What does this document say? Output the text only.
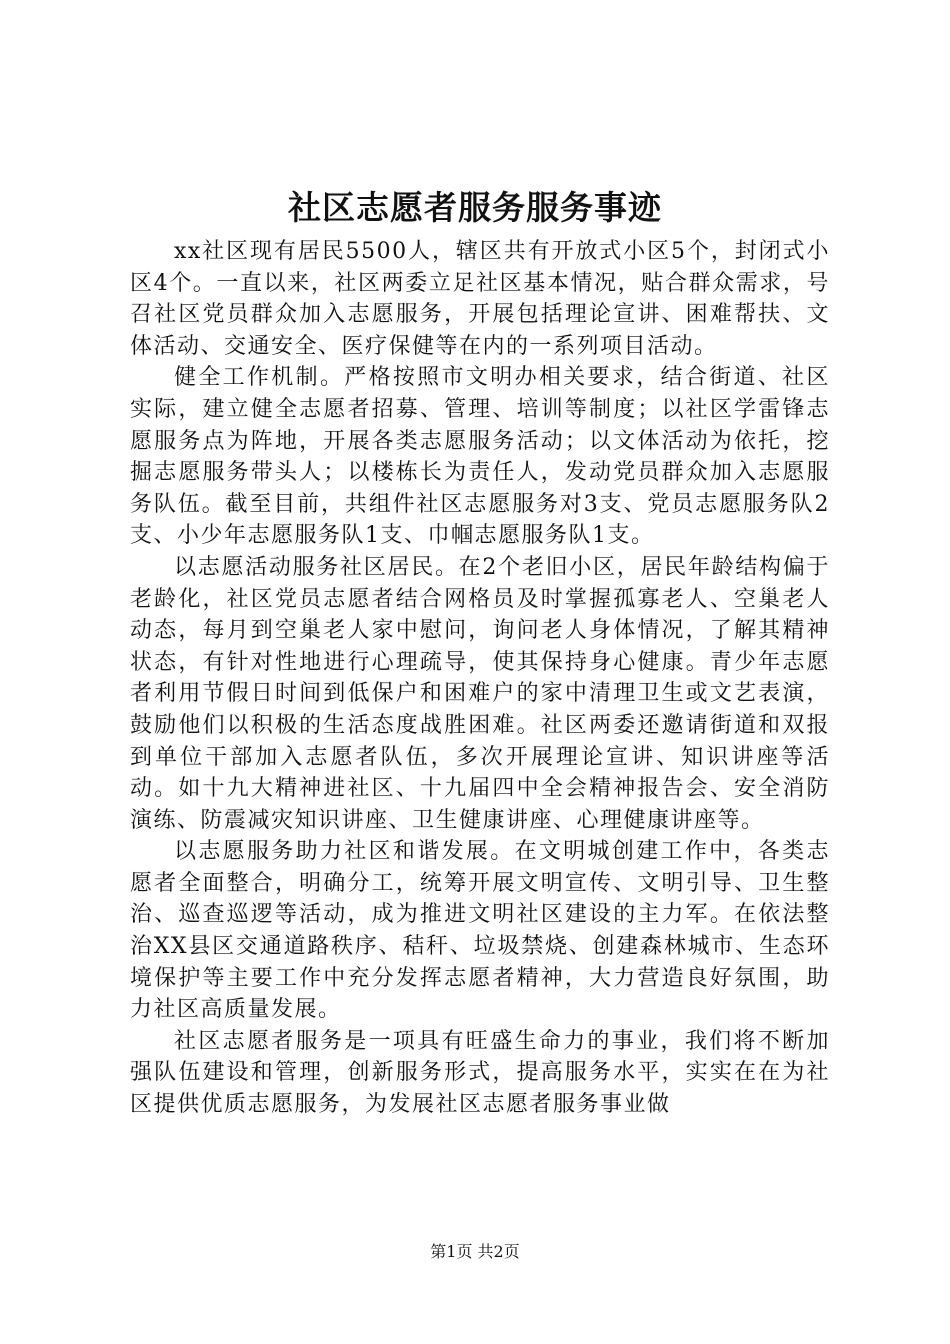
社区志愿者服务服务事迹

xx社区现有居民5500人，辖区共有开放式小区5个，封闭式小区4个。一直以来，社区两委立足社区基本情况，贴合群众需求，号召社区党员群众加入志愿服务，开展包括理论宣讲、困难帮扶、文体活动、交通安全、医疗保健等在内的一系列项目活动。

健全工作机制。严格按照市文明办相关要求，结合街道、社区实际，建立健全志愿者招募、管理、培训等制度；以社区学雷锋志愿服务点为阵地，开展各类志愿服务活动；以文体活动为依托，挖掘志愿服务带头人；以楼栋长为责任人，发动党员群众加入志愿服务队伍。截至目前，共组件社区志愿服务对3支、党员志愿服务队2支、小少年志愿服务队1支、巾帼志愿服务队1支。

以志愿活动服务社区居民。在2个老旧小区，居民年龄结构偏于老龄化，社区党员志愿者结合网格员及时掌握孤寡老人、空巢老人动态，每月到空巢老人家中慰问，询问老人身体情况，了解其精神状态，有针对性地进行心理疏导，使其保持身心健康。青少年志愿者利用节假日时间到低保户和困难户的家中清理卫生或文艺表演，鼓励他们以积极的生活态度战胜困难。社区两委还邀请街道和双报到单位干部加入志愿者队伍，多次开展理论宣讲、知识讲座等活动。如十九大精神进社区、十九届四中全会精神报告会、安全消防演练、防震减灾知识讲座、卫生健康讲座、心理健康讲座等。

以志愿服务助力社区和谐发展。在文明城创建工作中，各类志愿者全面整合，明确分工，统筹开展文明宣传、文明引导、卫生整治、巡查巡逻等活动，成为推进文明社区建设的主力军。在依法整治XX县区交通道路秩序、秸秆、垃圾禁烧、创建森林城市、生态环境保护等主要工作中充分发挥志愿者精神，大力营造良好氛围，助力社区高质量发展。

社区志愿者服务是一项具有旺盛生命力的事业，我们将不断加强队伍建设和管理，创新服务形式，提高服务水平，实实在在为社区提供优质志愿服务，为发展社区志愿者服务事业做

第1页 共2页
